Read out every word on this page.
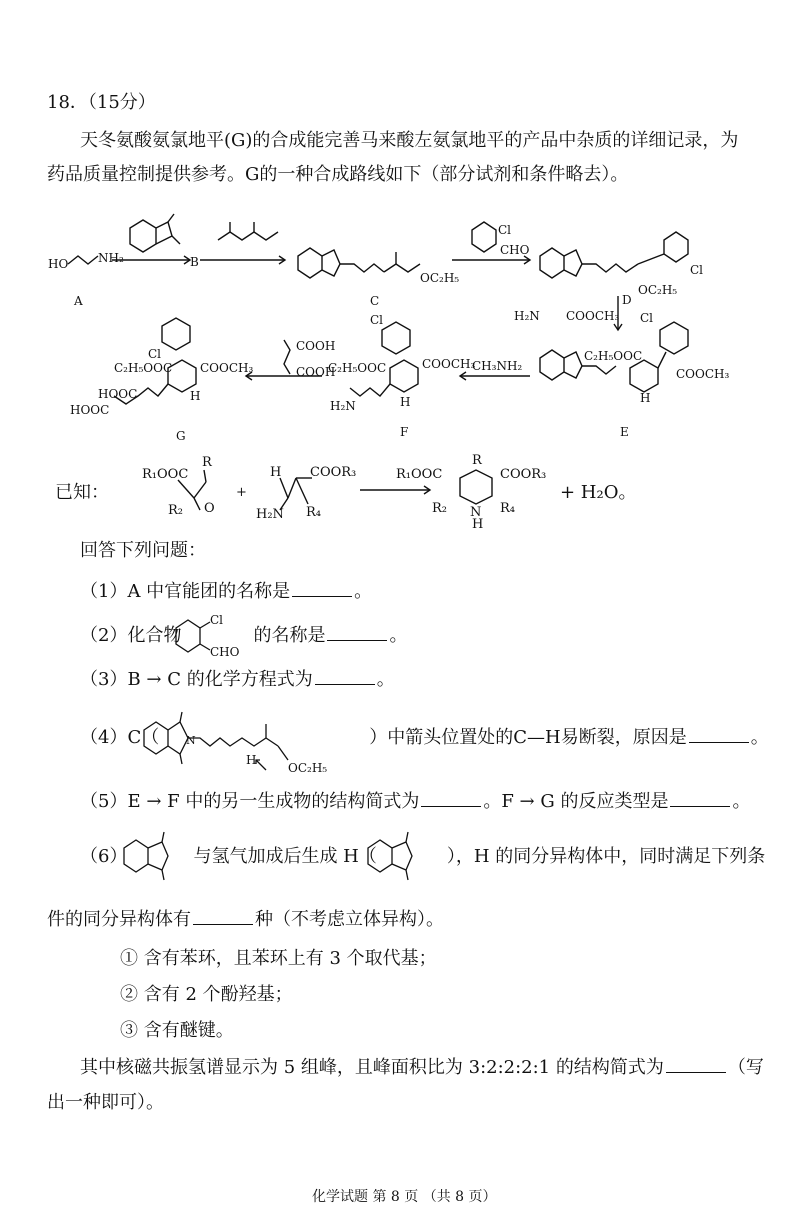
18．（15分）
天冬氨酸氨氯地平(G)的合成能完善马来酸左氨氯地平的产品中杂质的详细记录，为
药品质量控制提供参考。G的一种合成路线如下（部分试剂和条件略去）。
HO NH₂
A
B
OC₂H₅
C
Cl
CHO
Cl
OC₂H₅
D
H₂N COOCH₃ Cl
C₂H₅OOC
COOCH₃
H
E
CH₃NH₂
Cl
C₂H₅OOC	COOCH₃
H₂N	H
F
COOH
COOH
Cl
C₂H₅OOC COOCH₃
HOOC
HOOC
H
G
已知：
R₁OOC
R
R₂ O
+
H COOR₃
H₂N R₄
R₁OOC
R
COOR₃
R₂	R₄
N
H
+ H₂O。
回答下列问题：
（1）A 中官能团的名称是	。
（2）化合物	的名称是	。
Cl
CHO
（3）B → C 的化学方程式为	。
（4）C（	）中箭头位置处的C—H易断裂，原因是	。
N
H
OC₂H₅
（5）E → F 中的另一生成物的结构简式为	。F → G 的反应类型是	。
（6）	与氢气加成后生成 H（	），H 的同分异构体中，同时满足下列条
件的同分异构体有	种（不考虑立体异构）。
① 含有苯环，且苯环上有 3 个取代基；
② 含有 2 个酚羟基；
③ 含有醚键。
其中核磁共振氢谱显示为 5 组峰，且峰面积比为 3:2:2:2:1 的结构简式为	（写
出一种即可）。
化学试题 第 8 页 （共 8 页）
